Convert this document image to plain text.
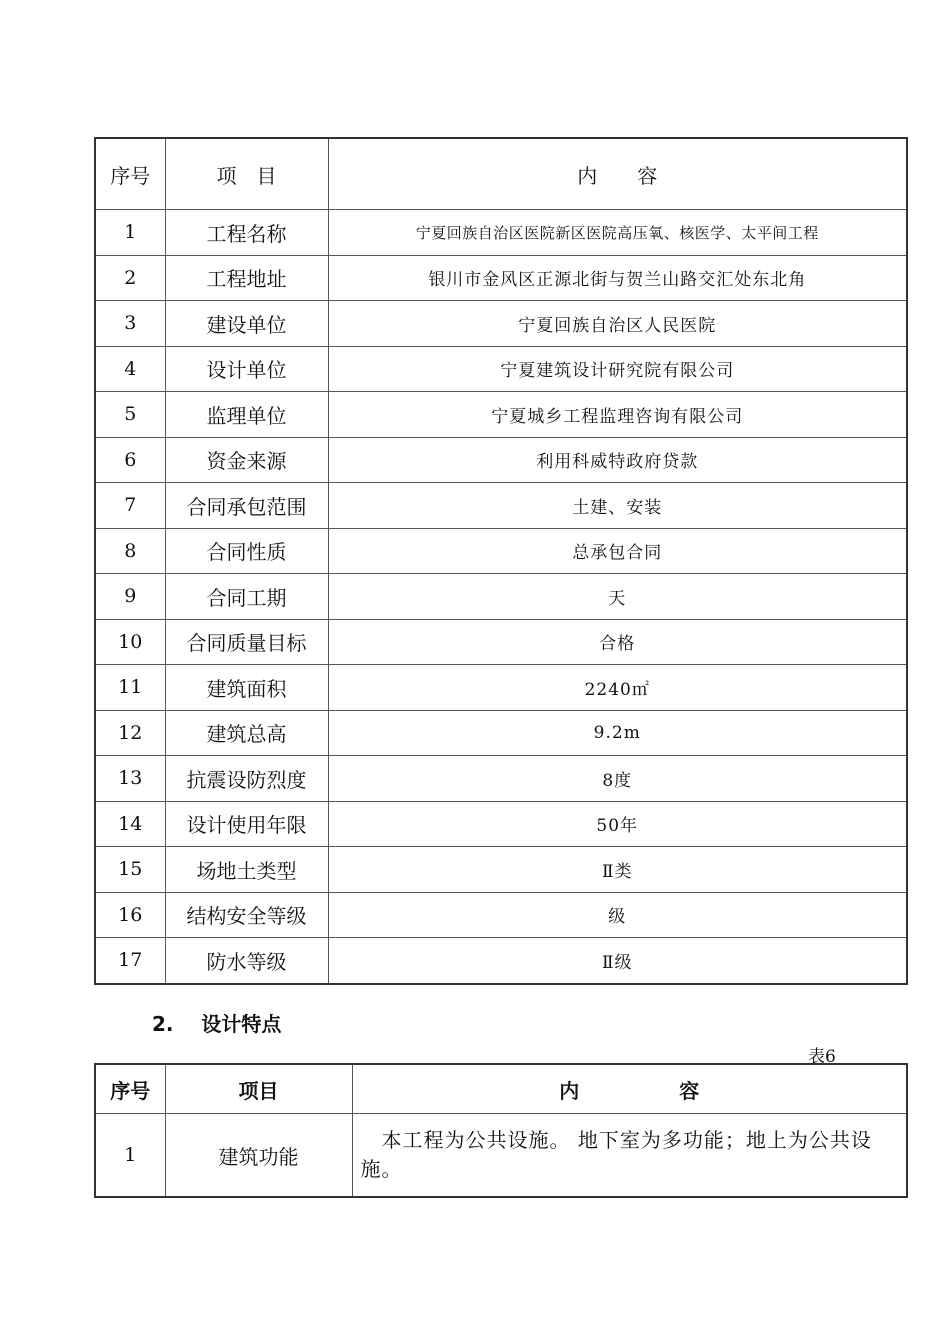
序号	项　目	内　　容
1	工程名称	宁夏回族自治区医院新区医院高压氧、核医学、太平间工程
2	工程地址	银川市金风区正源北街与贺兰山路交汇处东北角
3	建设单位	宁夏回族自治区人民医院
4	设计单位	宁夏建筑设计研究院有限公司
5	监理单位	宁夏城乡工程监理咨询有限公司
6	资金来源	利用科威特政府贷款
7	合同承包范围	土建、安装
8	合同性质	总承包合同
9	合同工期	天
10	合同质量目标	合格
11	建筑面积	2240㎡
12	建筑总高	9.2m
13	抗震设防烈度	8度
14	设计使用年限	50年
15	场地土类型	Ⅱ类
16	结构安全等级	级
17	防水等级	Ⅱ级
2. 设计特点
表6
序号	项目	内　　　　　容
1	建筑功能	　本工程为公共设施。 地下室为多功能；地上为公共设施。
